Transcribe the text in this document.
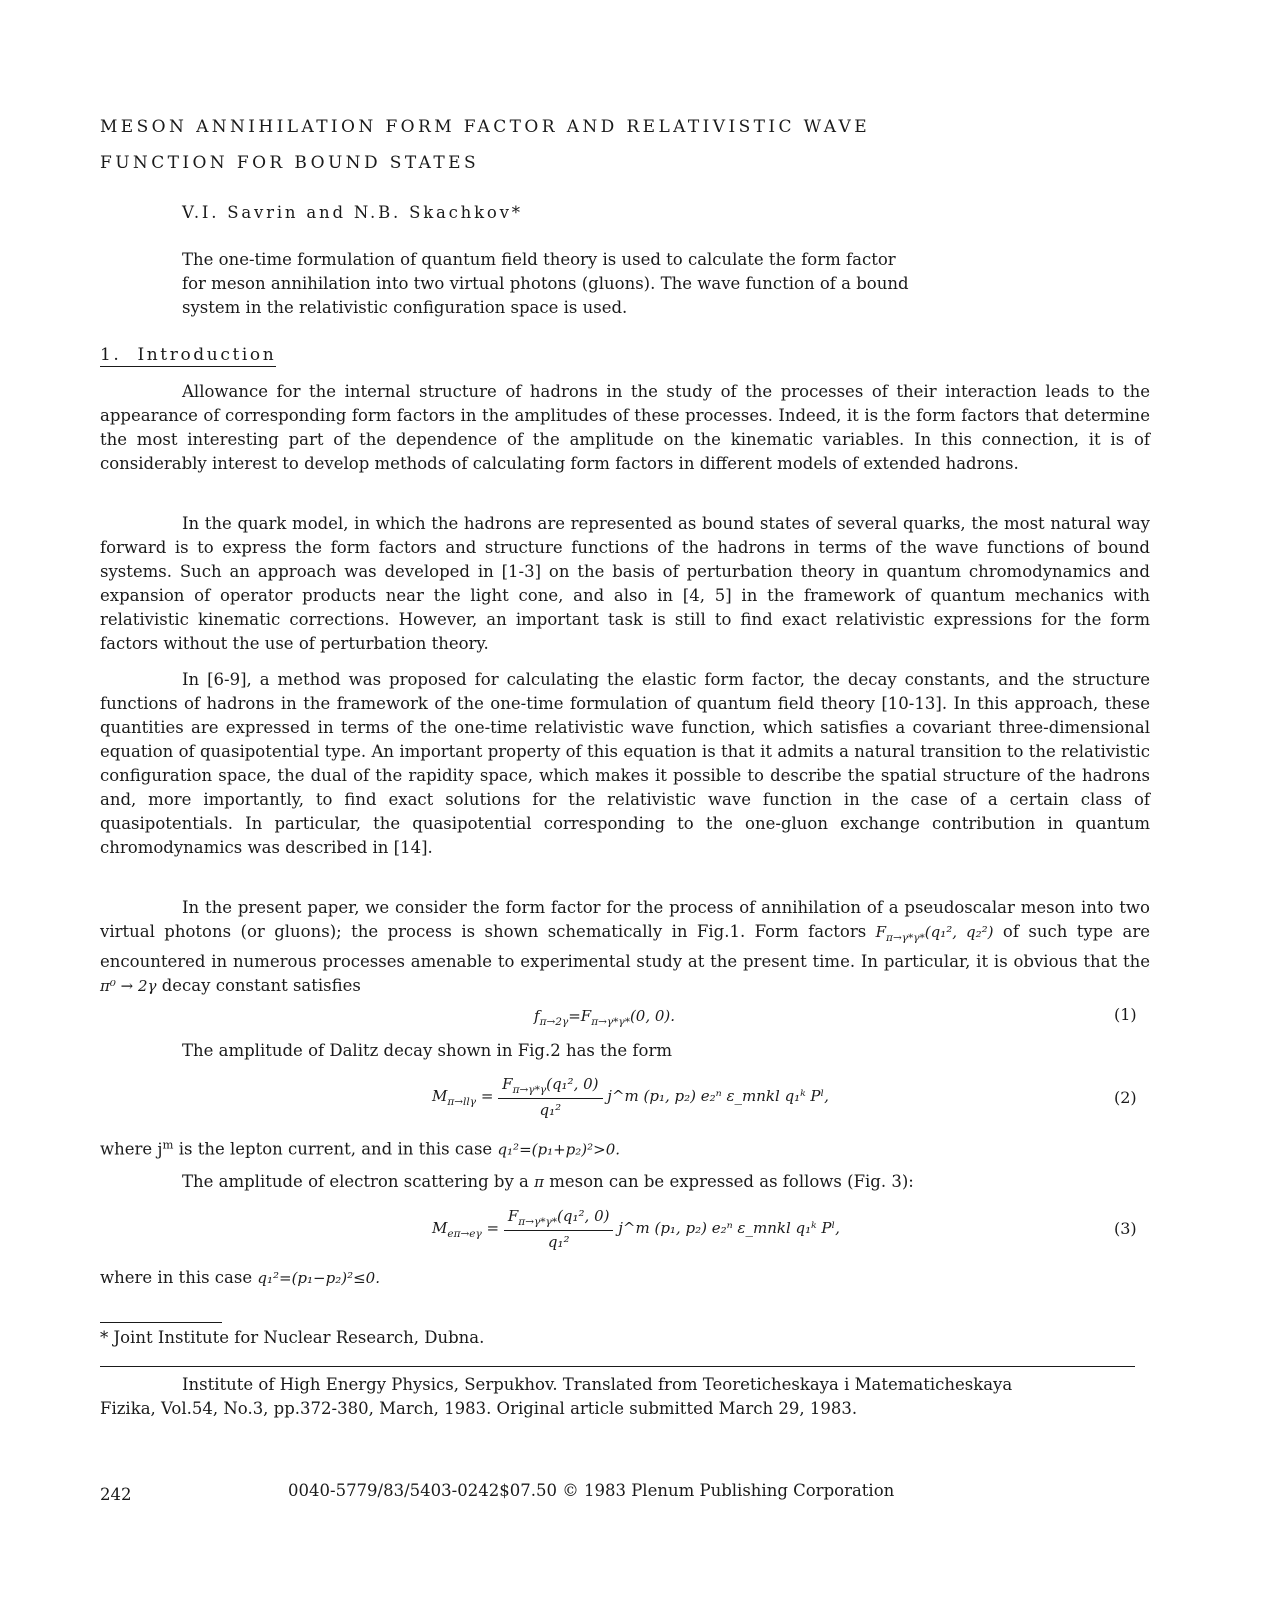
MESON ANNIHILATION FORM FACTOR AND RELATIVISTIC WAVE
FUNCTION FOR BOUND STATES
V.I. Savrin and N.B. Skachkov*

The one-time formulation of quantum field theory is used to calculate the form factor

for meson annihilation into two virtual photons (gluons). The wave function of a bound

system in the relativistic configuration space is used.

1. Introduction

Allowance for the internal structure of hadrons in the study of the processes of their interaction leads to the appearance of corresponding form factors in the amplitudes of these processes. Indeed, it is the form factors that determine the most interesting part of the dependence of the amplitude on the kinematic variables. In this connection, it is of considerably interest to develop methods of calculating form factors in different models of extended hadrons.

In the quark model, in which the hadrons are represented as bound states of several quarks, the most natural way forward is to express the form factors and structure functions of the hadrons in terms of the wave functions of bound systems. Such an approach was developed in [1-3] on the basis of perturbation theory in quantum chromodynamics and expansion of operator products near the light cone, and also in [4, 5] in the framework of quantum mechanics with relativistic kinematic corrections. However, an important task is still to find exact relativistic expressions for the form factors without the use of perturbation theory.

In [6-9], a method was proposed for calculating the elastic form factor, the decay constants, and the structure functions of hadrons in the framework of the one-time formulation of quantum field theory [10-13]. In this approach, these quantities are expressed in terms of the one-time relativistic wave function, which satisfies a covariant three-dimensional equation of quasipotential type. An important property of this equation is that it admits a natural transition to the relativistic configuration space, the dual of the rapidity space, which makes it possible to describe the spatial structure of the hadrons and, more importantly, to find exact solutions for the relativistic wave function in the case of a certain class of quasipotentials. In particular, the quasipotential corresponding to the one-gluon exchange contribution in quantum chromodynamics was described in [14].

In the present paper, we consider the form factor for the process of annihilation of a pseudoscalar meson into two virtual photons (or gluons); the process is shown schematically in Fig.1. Form factors $F_{\pi\to\gamma*\gamma*}(q_1^2$, q₂²) of such type are encountered in numerous processes amenable to experimental study at the present time. In particular, it is obvious that the π⁰ → 2γ decay constant satisfies

$f_{\pi\to 2\gamma}=F_{\pi\to\gamma*\gamma*}(0$, 0).	(1)
The amplitude of Dalitz decay shown in Fig.2 has the form
$M_{\pi\to ll\gamma} = \frac{F_{\pi\to\gamma*\gamma}(q_1^2, 0)}{\text{q₁²}}$ j^m (p₁, p₂) e₂ⁿ ε_mnkl q₁ᵏ Pˡ,	(2)
where $j^m$ is the lepton current, and in this case q₁²=(p₁+p₂)²>0.
The amplitude of electron scattering by a π meson can be expressed as follows (Fig. 3):
$M_{e\pi\to e\gamma} = \frac{F_{\pi\to\gamma*\gamma*}(q_1^2, 0)}{\text{q₁²}}$ j^m (p₁, p₂) e₂ⁿ ε_mnkl q₁ᵏ Pˡ,	(3)
where in this case q₁²=(p₁−p₂)²≤0.
* Joint Institute for Nuclear Research, Dubna.

Institute of High Energy Physics, Serpukhov. Translated from Teoreticheskaya i Matematicheskaya

Fizika, Vol.54, No.3, pp.372-380, March, 1983. Original article submitted March 29, 1983.

242	0040-5779/83/5403-0242$07.50 © 1983 Plenum Publishing Corporation
